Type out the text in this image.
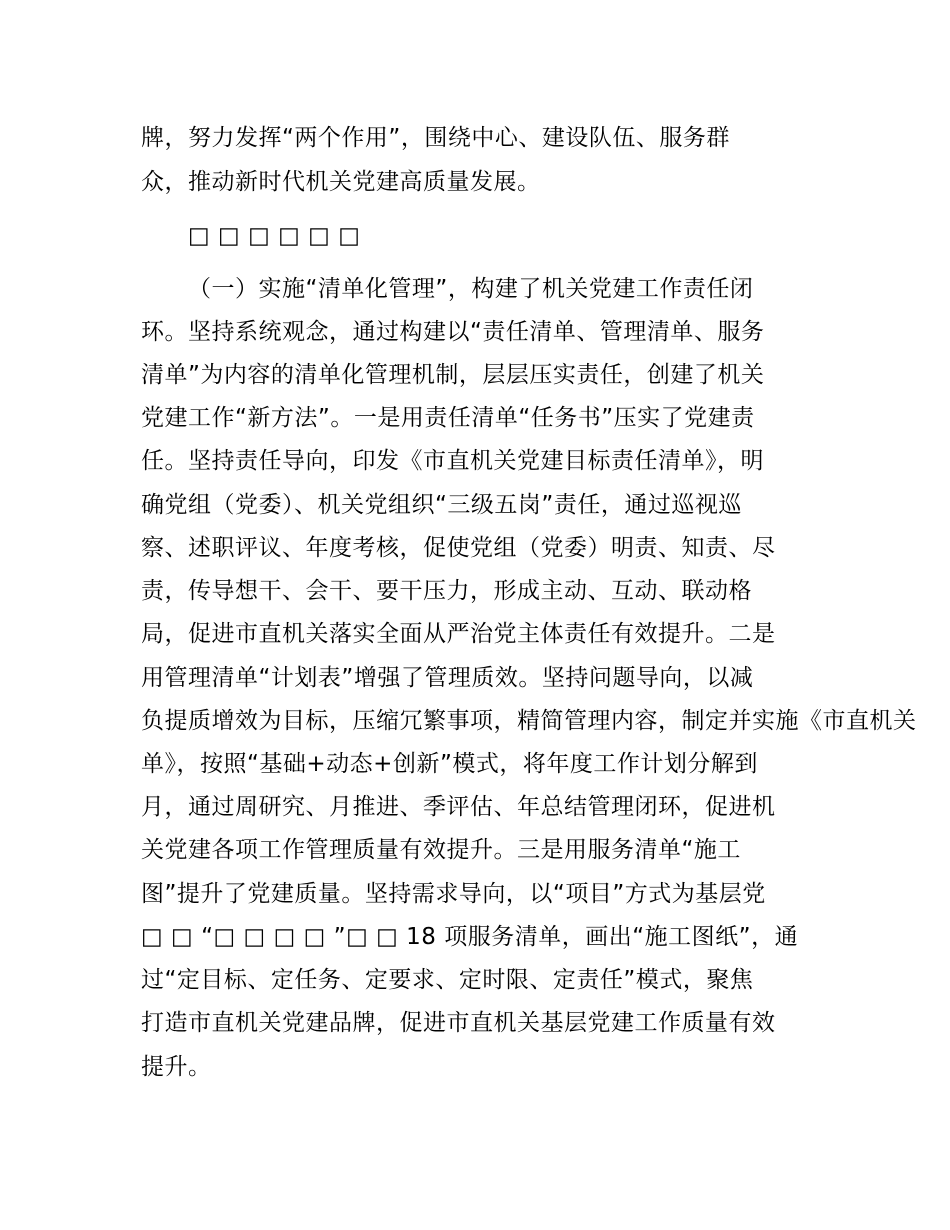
牌，努力发挥“两个作用”，围绕中心、建设队伍、服务群
众，推动新时代机关党建高质量发展。
□ □ □ □ □ □
（一）实施“清单化管理”，构建了机关党建工作责任闭
环。坚持系统观念，通过构建以“责任清单、管理清单、服务
清单”为内容的清单化管理机制，层层压实责任，创建了机关
党建工作“新方法”。一是用责任清单“任务书”压实了党建责
任。坚持责任导向，印发《市直机关党建目标责任清单》，明
确党组（党委）、机关党组织“三级五岗”责任，通过巡视巡
察、述职评议、年度考核，促使党组（党委）明责、知责、尽
责，传导想干、会干、要干压力，形成主动、互动、联动格
局，促进市直机关落实全面从严治党主体责任有效提升。二是
用管理清单“计划表”增强了管理质效。坚持问题导向，以减
负提质增效为目标，压缩冗繁事项，精简管理内容，制定并实施《市直机关
单》，按照“基础+动态+创新”模式，将年度工作计划分解到
月，通过周研究、月推进、季评估、年总结管理闭环，促进机
关党建各项工作管理质量有效提升。三是用服务清单“施工
图”提升了党建质量。坚持需求导向，以“项目”方式为基层党
□ □ “□ □ □ □ ”□ □ 18 项服务清单，画出“施工图纸”，通
过“定目标、定任务、定要求、定时限、定责任”模式，聚焦
打造市直机关党建品牌，促进市直机关基层党建工作质量有效
提升。
